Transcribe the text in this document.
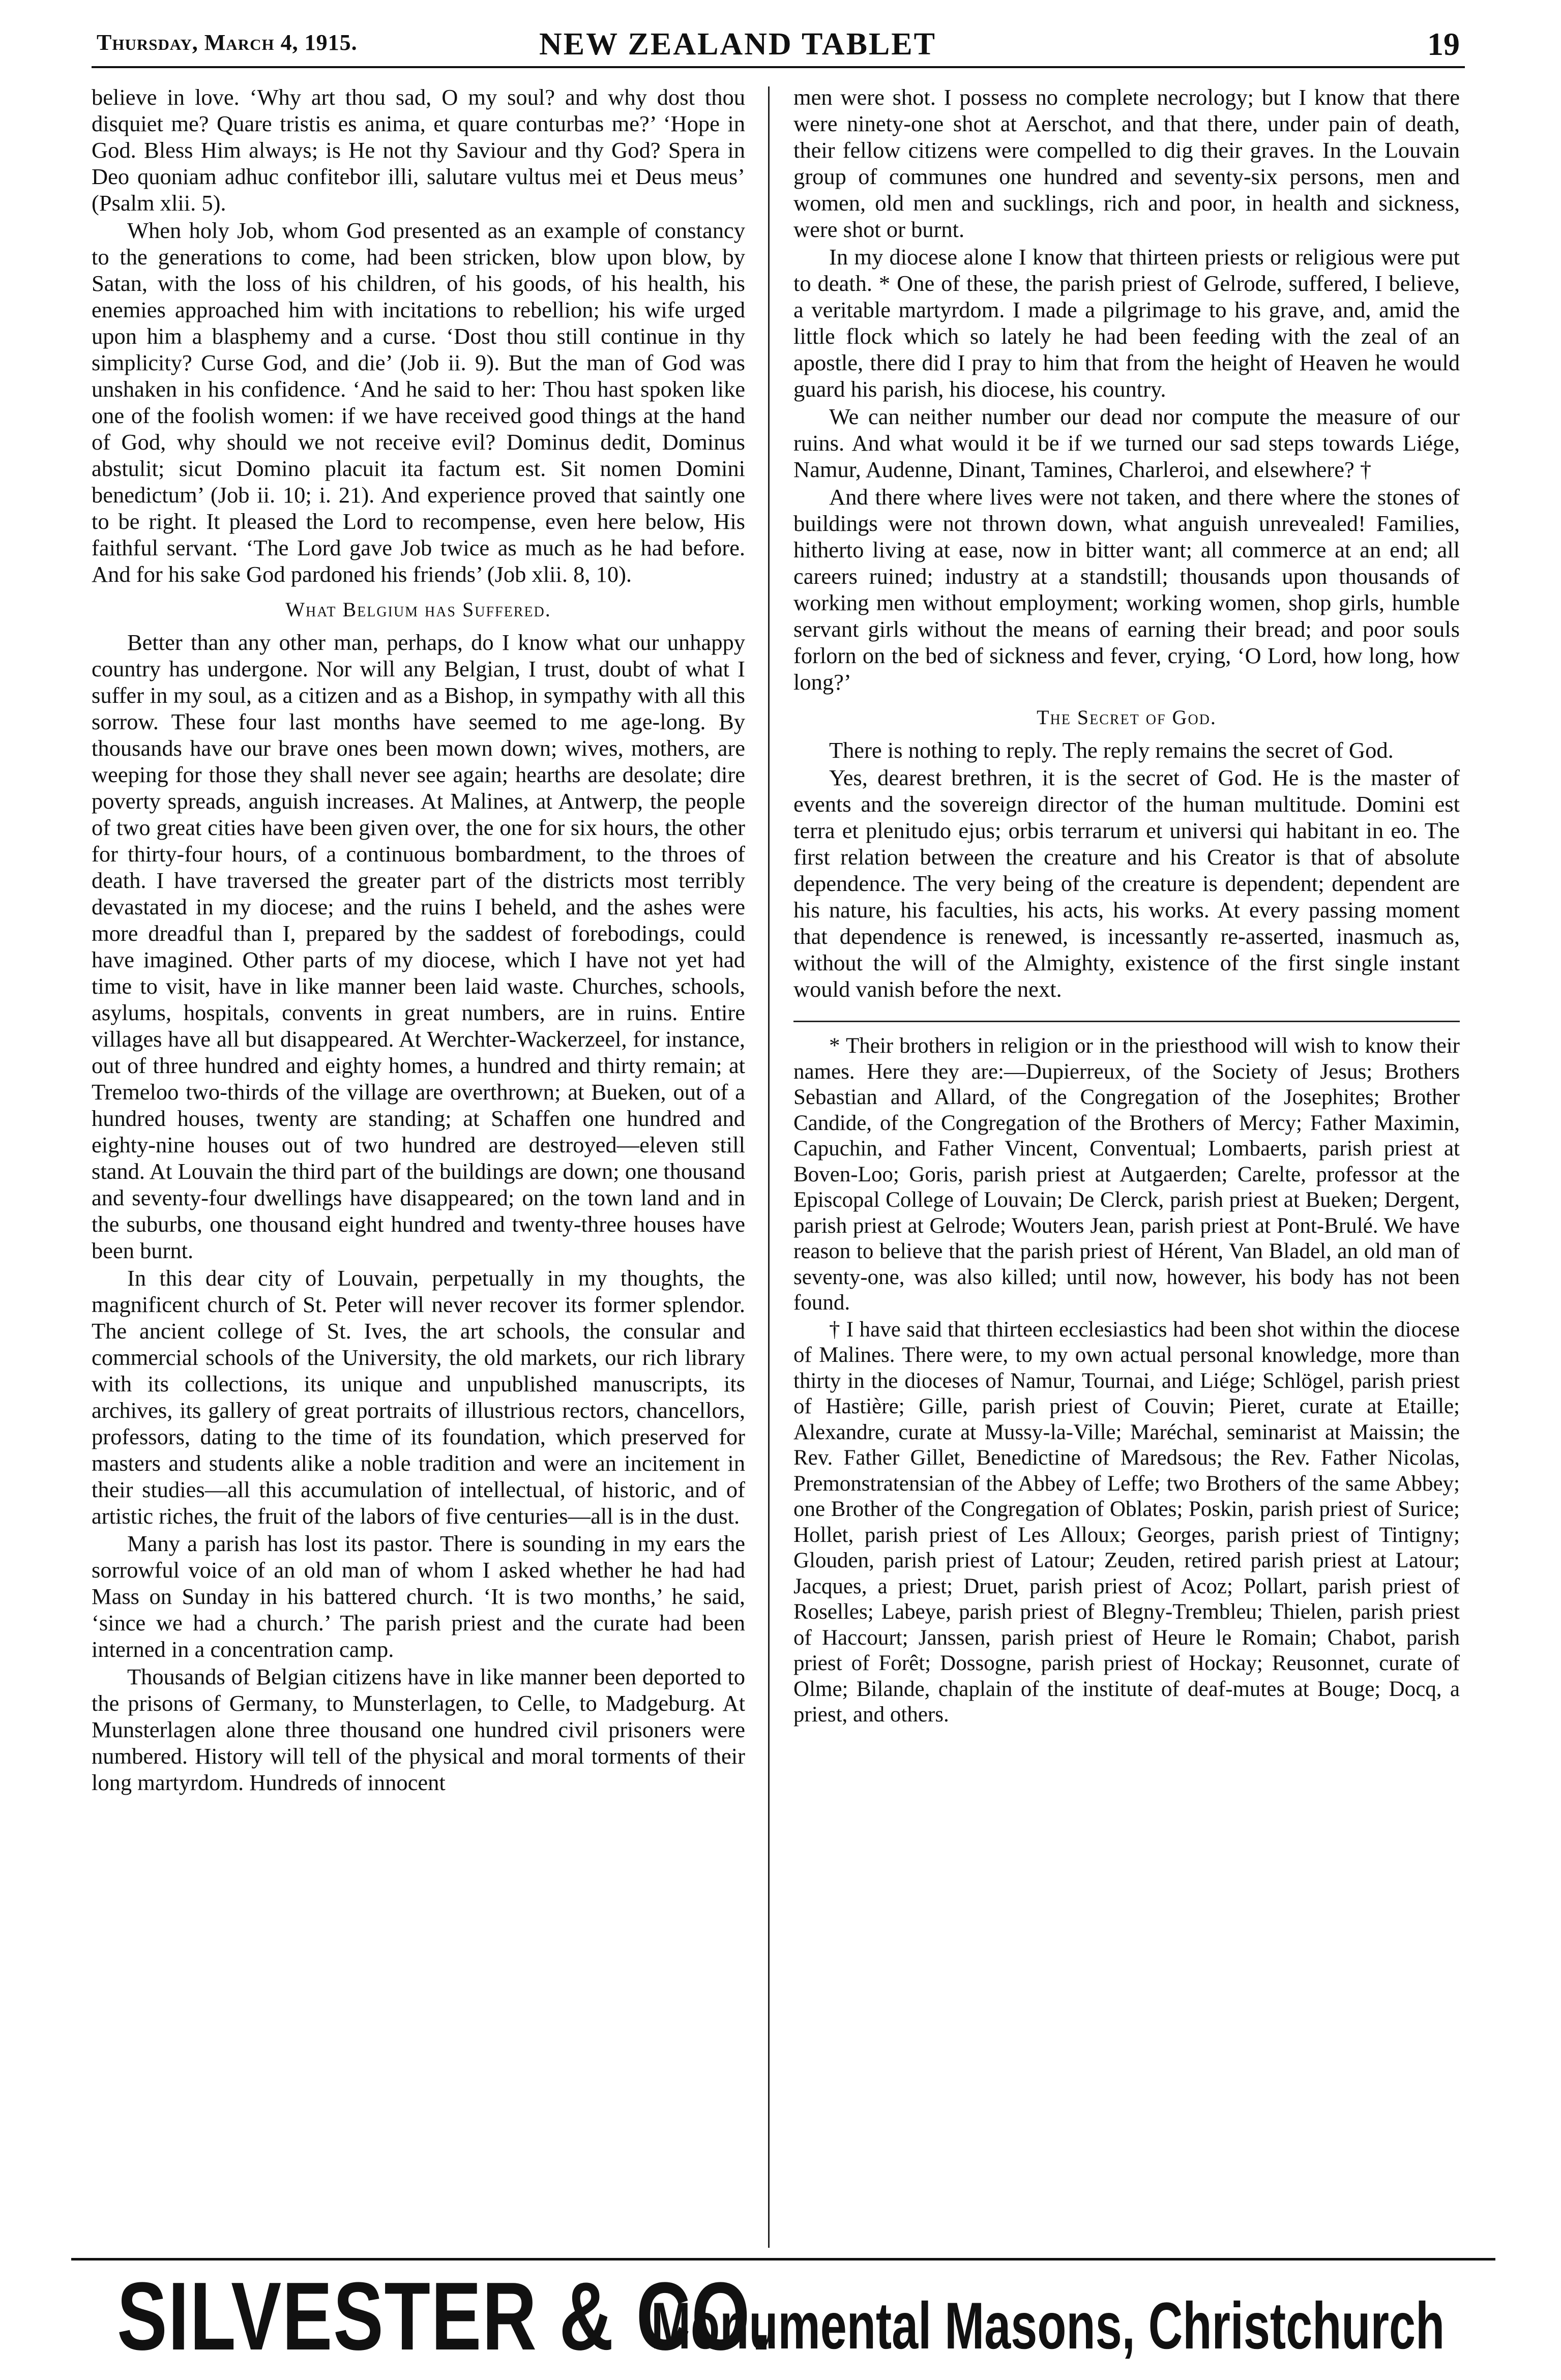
Thursday, March 4, 1915.	NEW ZEALAND TABLET	19

believe in love. ‘Why art thou sad, O my soul? and why dost thou disquiet me? Quare tristis es anima, et quare conturbas me?’ ‘Hope in God. Bless Him always; is He not thy Saviour and thy God? Spera in Deo quoniam adhuc confitebor illi, salutare vultus mei et Deus meus’ (Psalm xlii. 5).

When holy Job, whom God presented as an example of constancy to the generations to come, had been stricken, blow upon blow, by Satan, with the loss of his children, of his goods, of his health, his enemies approached him with incitations to rebellion; his wife urged upon him a blasphemy and a curse. ‘Dost thou still continue in thy simplicity? Curse God, and die’ (Job ii. 9). But the man of God was unshaken in his confidence. ‘And he said to her: Thou hast spoken like one of the foolish women: if we have received good things at the hand of God, why should we not receive evil? Dominus dedit, Dominus abstulit; sicut Domino placuit ita factum est. Sit nomen Domini benedictum’ (Job ii. 10; i. 21). And experience proved that saintly one to be right. It pleased the Lord to recompense, even here below, His faithful servant. ‘The Lord gave Job twice as much as he had before. And for his sake God pardoned his friends’ (Job xlii. 8, 10).

What Belgium has Suffered.

Better than any other man, perhaps, do I know what our unhappy country has undergone. Nor will any Belgian, I trust, doubt of what I suffer in my soul, as a citizen and as a Bishop, in sympathy with all this sorrow. These four last months have seemed to me age-long. By thousands have our brave ones been mown down; wives, mothers, are weeping for those they shall never see again; hearths are desolate; dire poverty spreads, anguish increases. At Malines, at Antwerp, the people of two great cities have been given over, the one for six hours, the other for thirty-four hours, of a continuous bombardment, to the throes of death. I have traversed the greater part of the districts most terribly devastated in my diocese; and the ruins I beheld, and the ashes were more dreadful than I, prepared by the saddest of forebodings, could have imagined. Other parts of my diocese, which I have not yet had time to visit, have in like manner been laid waste. Churches, schools, asylums, hospitals, convents in great numbers, are in ruins. Entire villages have all but disappeared. At Werchter-Wackerzeel, for instance, out of three hundred and eighty homes, a hundred and thirty remain; at Tremeloo two-thirds of the village are overthrown; at Bueken, out of a hundred houses, twenty are standing; at Schaffen one hundred and eighty-nine houses out of two hundred are destroyed—eleven still stand. At Louvain the third part of the buildings are down; one thousand and seventy-four dwellings have disappeared; on the town land and in the suburbs, one thousand eight hundred and twenty-three houses have been burnt.

In this dear city of Louvain, perpetually in my thoughts, the magnificent church of St. Peter will never recover its former splendor. The ancient college of St. Ives, the art schools, the consular and commercial schools of the University, the old markets, our rich library with its collections, its unique and unpublished manuscripts, its archives, its gallery of great portraits of illustrious rectors, chancellors, professors, dating to the time of its foundation, which preserved for masters and students alike a noble tradition and were an incitement in their studies—all this accumulation of intellectual, of historic, and of artistic riches, the fruit of the labors of five centuries—all is in the dust.

Many a parish has lost its pastor. There is sounding in my ears the sorrowful voice of an old man of whom I asked whether he had had Mass on Sunday in his battered church. ‘It is two months,’ he said, ‘since we had a church.’ The parish priest and the curate had been interned in a concentration camp.

Thousands of Belgian citizens have in like manner been deported to the prisons of Germany, to Munsterlagen, to Celle, to Madgeburg. At Munsterlagen alone three thousand one hundred civil prisoners were numbered. History will tell of the physical and moral torments of their long martyrdom. Hundreds of innocent

men were shot. I possess no complete necrology; but I know that there were ninety-one shot at Aerschot, and that there, under pain of death, their fellow citizens were compelled to dig their graves. In the Louvain group of communes one hundred and seventy-six persons, men and women, old men and sucklings, rich and poor, in health and sickness, were shot or burnt.

In my diocese alone I know that thirteen priests or religious were put to death. * One of these, the parish priest of Gelrode, suffered, I believe, a veritable martyrdom. I made a pilgrimage to his grave, and, amid the little flock which so lately he had been feeding with the zeal of an apostle, there did I pray to him that from the height of Heaven he would guard his parish, his diocese, his country.

We can neither number our dead nor compute the measure of our ruins. And what would it be if we turned our sad steps towards Liége, Namur, Audenne, Dinant, Tamines, Charleroi, and elsewhere? †

And there where lives were not taken, and there where the stones of buildings were not thrown down, what anguish unrevealed! Families, hitherto living at ease, now in bitter want; all commerce at an end; all careers ruined; industry at a standstill; thousands upon thousands of working men without employment; working women, shop girls, humble servant girls without the means of earning their bread; and poor souls forlorn on the bed of sickness and fever, crying, ‘O Lord, how long, how long?’

The Secret of God.

There is nothing to reply. The reply remains the secret of God.

Yes, dearest brethren, it is the secret of God. He is the master of events and the sovereign director of the human multitude. Domini est terra et plenitudo ejus; orbis terrarum et universi qui habitant in eo. The first relation between the creature and his Creator is that of absolute dependence. The very being of the creature is dependent; dependent are his nature, his faculties, his acts, his works. At every passing moment that dependence is renewed, is incessantly re-asserted, inasmuch as, without the will of the Almighty, existence of the first single instant would vanish before the next.

* Their brothers in religion or in the priesthood will wish to know their names. Here they are:—Dupierreux, of the Society of Jesus; Brothers Sebastian and Allard, of the Congregation of the Josephites; Brother Candide, of the Congregation of the Brothers of Mercy; Father Maximin, Capuchin, and Father Vincent, Conventual; Lombaerts, parish priest at Boven-Loo; Goris, parish priest at Autgaerden; Carelte, professor at the Episcopal College of Louvain; De Clerck, parish priest at Bueken; Dergent, parish priest at Gelrode; Wouters Jean, parish priest at Pont-Brulé. We have reason to believe that the parish priest of Hérent, Van Bladel, an old man of seventy-one, was also killed; until now, however, his body has not been found.

† I have said that thirteen ecclesiastics had been shot within the diocese of Malines. There were, to my own actual personal knowledge, more than thirty in the dioceses of Namur, Tournai, and Liége; Schlögel, parish priest of Hastière; Gille, parish priest of Couvin; Pieret, curate at Etaille; Alexandre, curate at Mussy-la-Ville; Maréchal, seminarist at Maissin; the Rev. Father Gillet, Benedictine of Maredsous; the Rev. Father Nicolas, Premonstratensian of the Abbey of Leffe; two Brothers of the same Abbey; one Brother of the Congregation of Oblates; Poskin, parish priest of Surice; Hollet, parish priest of Les Alloux; Georges, parish priest of Tintigny; Glouden, parish priest of Latour; Zeuden, retired parish priest at Latour; Jacques, a priest; Druet, parish priest of Acoz; Pollart, parish priest of Roselles; Labeye, parish priest of Blegny-Trembleu; Thielen, parish priest of Haccourt; Janssen, parish priest of Heure le Romain; Chabot, parish priest of Forêt; Dossogne, parish priest of Hockay; Reusonnet, curate of Olme; Bilande, chaplain of the institute of deaf-mutes at Bouge; Docq, a priest, and others.

SILVESTER & CO.
Monumental Masons, Christchurch
